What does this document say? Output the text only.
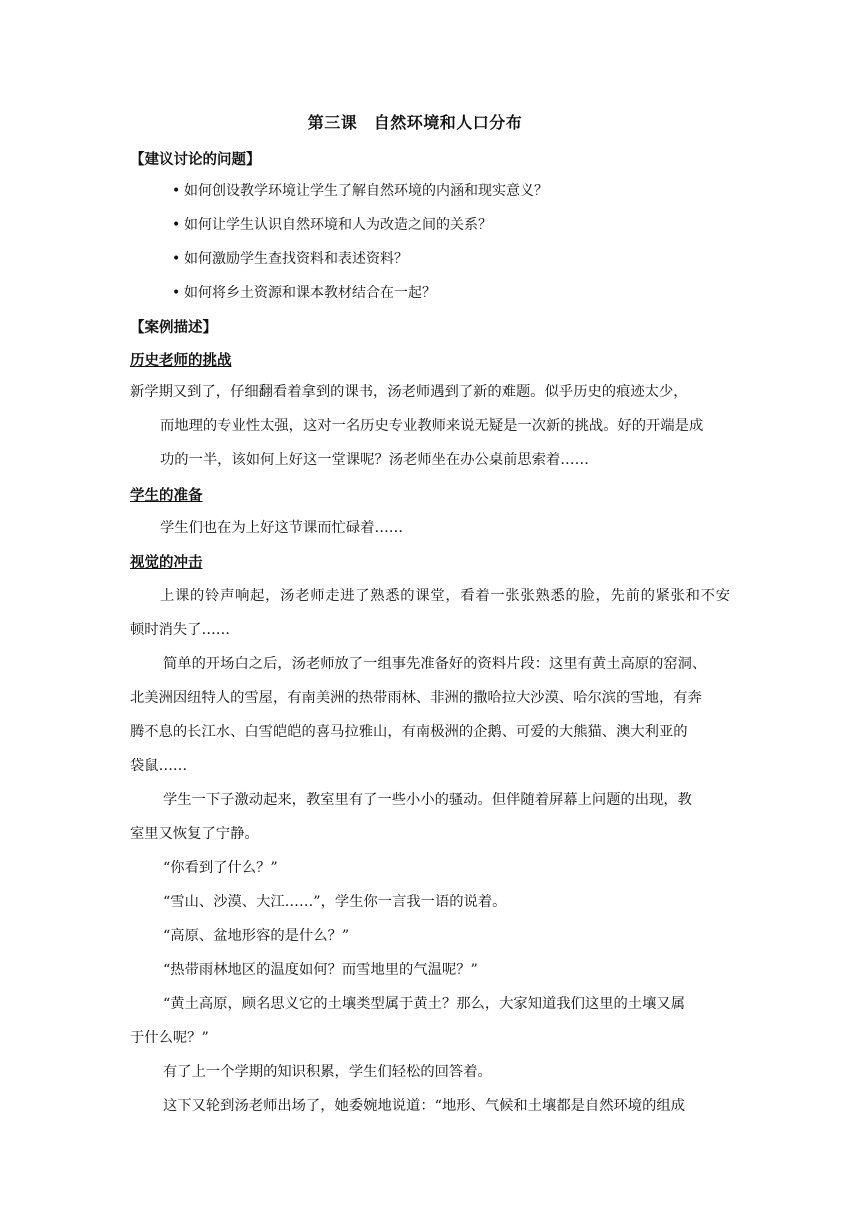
第三课　自然环境和人口分布
【建议讨论的问题】
• 如何创设教学环境让学生了解自然环境的内涵和现实意义？
• 如何让学生认识自然环境和人为改造之间的关系？
• 如何激励学生查找资料和表述资料？
• 如何将乡土资源和课本教材结合在一起？
【案例描述】
历史老师的挑战
新学期又到了，仔细翻看着拿到的课书，汤老师遇到了新的难题。似乎历史的痕迹太少，
而地理的专业性太强，这对一名历史专业教师来说无疑是一次新的挑战。好的开端是成
功的一半，该如何上好这一堂课呢？汤老师坐在办公桌前思索着……
学生的准备
学生们也在为上好这节课而忙碌着……
视觉的冲击
上课的铃声响起，汤老师走进了熟悉的课堂，看着一张张熟悉的脸，先前的紧张和不安
顿时消失了……
简单的开场白之后，汤老师放了一组事先准备好的资料片段：这里有黄土高原的窑洞、
北美洲因纽特人的雪屋，有南美洲的热带雨林、非洲的撒哈拉大沙漠、哈尔滨的雪地，有奔
腾不息的长江水、白雪皑皑的喜马拉雅山，有南极洲的企鹅、可爱的大熊猫、澳大利亚的
袋鼠……
学生一下子激动起来，教室里有了一些小小的骚动。但伴随着屏幕上问题的出现，教
室里又恢复了宁静。
“你看到了什么？”
“雪山、沙漠、大江……”，学生你一言我一语的说着。
“高原、盆地形容的是什么？”
“热带雨林地区的温度如何？而雪地里的气温呢？”
“黄土高原，顾名思义它的土壤类型属于黄土？那么，大家知道我们这里的土壤又属
于什么呢？”
有了上一个学期的知识积累，学生们轻松的回答着。
这下又轮到汤老师出场了，她委婉地说道：“地形、气候和土壤都是自然环境的组成
